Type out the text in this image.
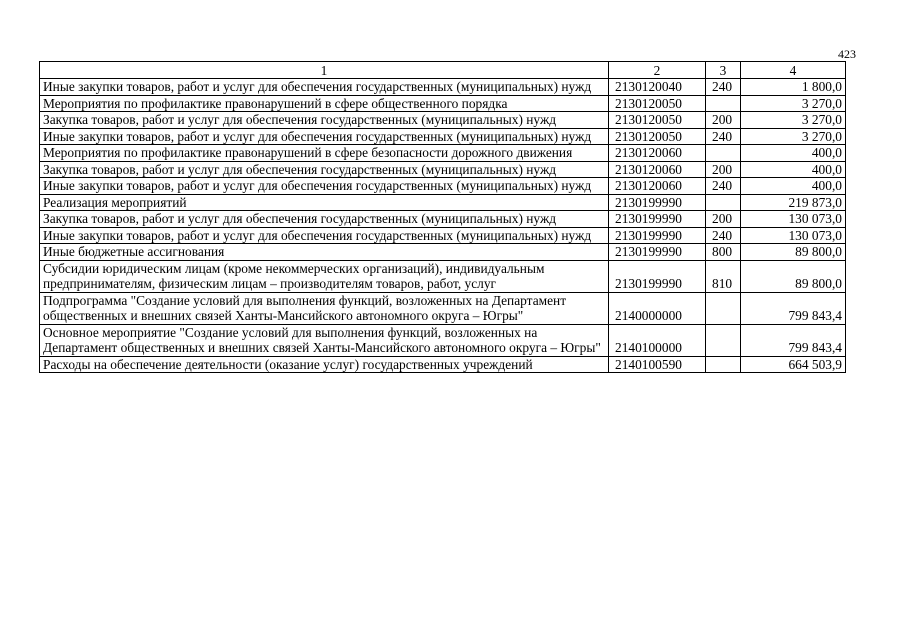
423
1	2	3	4
Иные закупки товаров, работ и услуг для обеспечения государственных (муниципальных) нужд	2130120040	240	1 800,0
Мероприятия по профилактике правонарушений в сфере общественного порядка	2130120050		3 270,0
Закупка товаров, работ и услуг для обеспечения государственных (муниципальных) нужд	2130120050	200	3 270,0
Иные закупки товаров, работ и услуг для обеспечения государственных (муниципальных) нужд	2130120050	240	3 270,0
Мероприятия по профилактике правонарушений в сфере безопасности дорожного движения	2130120060		400,0
Закупка товаров, работ и услуг для обеспечения государственных (муниципальных) нужд	2130120060	200	400,0
Иные закупки товаров, работ и услуг для обеспечения государственных (муниципальных) нужд	2130120060	240	400,0
Реализация мероприятий	2130199990		219 873,0
Закупка товаров, работ и услуг для обеспечения государственных (муниципальных) нужд	2130199990	200	130 073,0
Иные закупки товаров, работ и услуг для обеспечения государственных (муниципальных) нужд	2130199990	240	130 073,0
Иные бюджетные ассигнования	2130199990	800	89 800,0
Субсидии юридическим лицам (кроме некоммерческих организаций), индивидуальным предпринимателям, физическим лицам – производителям товаров, работ, услуг	2130199990	810	89 800,0
Подпрограмма "Создание условий для выполнения функций, возложенных на Департамент общественных и внешних связей Ханты-Мансийского автономного округа – Югры"	2140000000		799 843,4
Основное мероприятие "Создание условий для выполнения функций, возложенных на Департамент общественных и внешних связей Ханты-Мансийского автономного округа – Югры"	2140100000		799 843,4
Расходы на обеспечение деятельности (оказание услуг) государственных учреждений	2140100590		664 503,9
